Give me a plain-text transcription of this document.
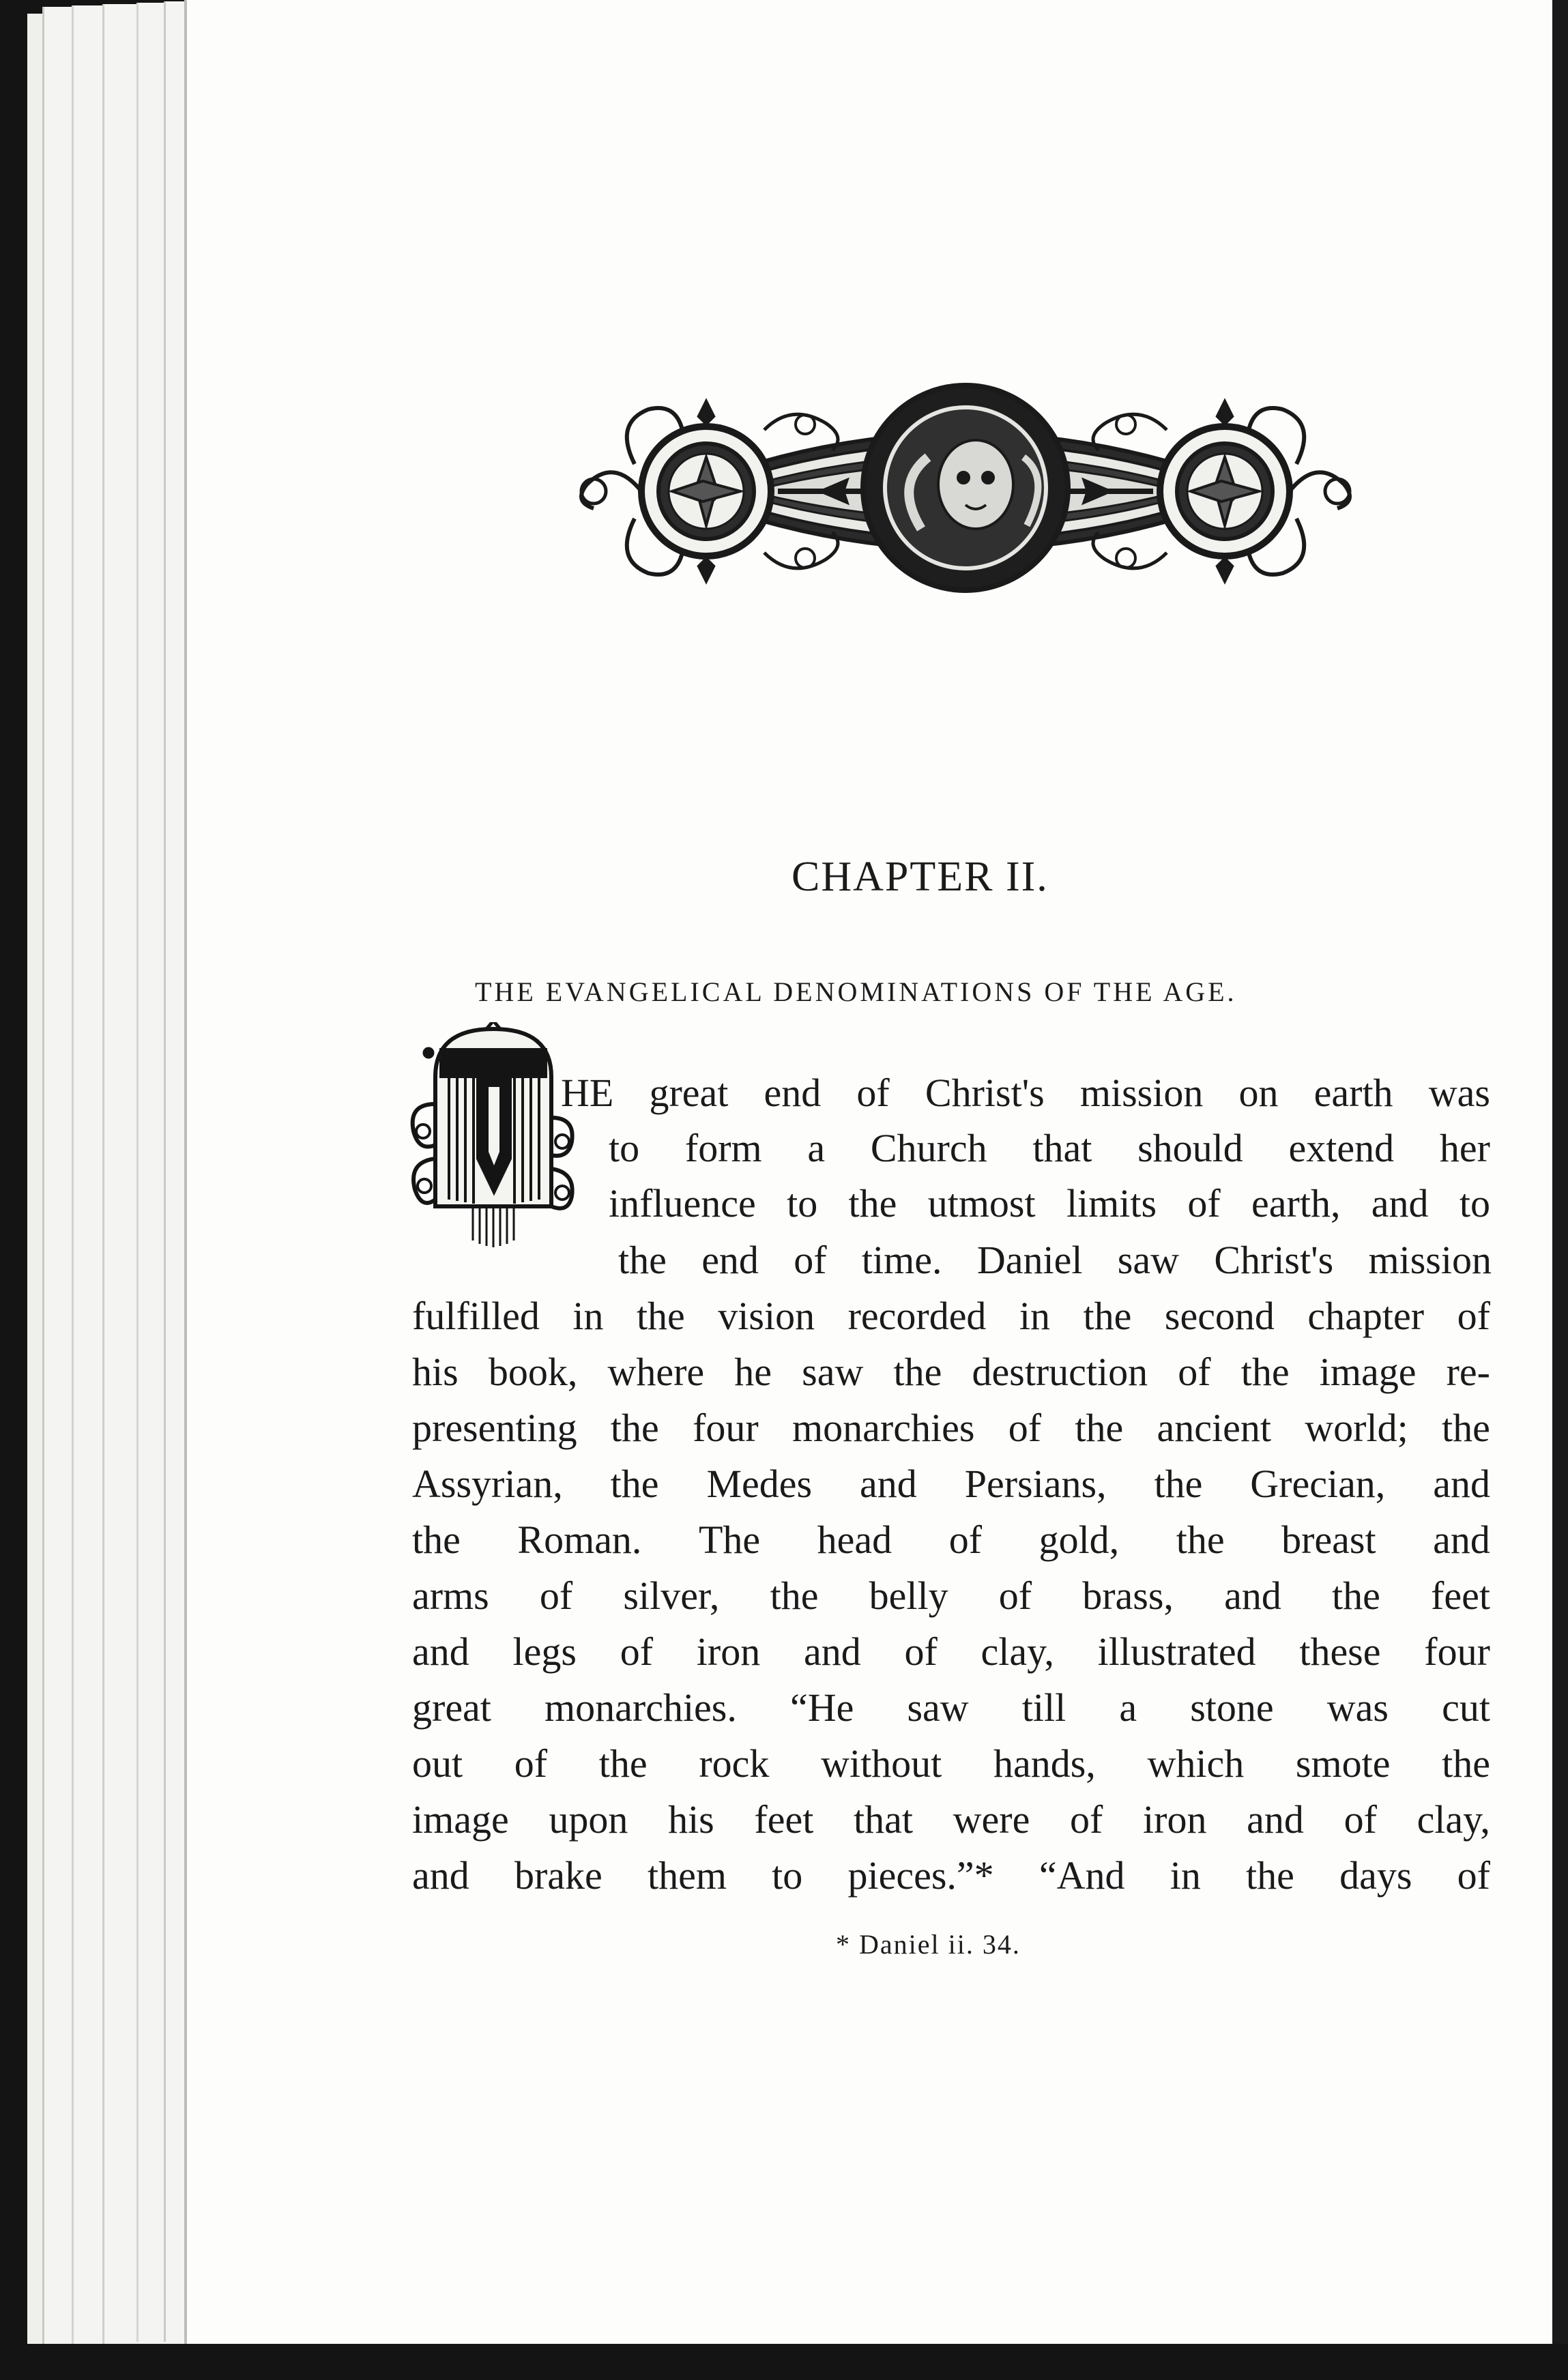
CHAPTER II.
THE EVANGELICAL DENOMINATIONS OF THE AGE.
HE great end of Christ's mission on earth was
to form a Church that should extend her
influence to the utmost limits of earth, and to
the end of time. Daniel saw Christ's mission
fulfilled in the vision recorded in the second chapter of
his book, where he saw the destruction of the image re-
presenting the four monarchies of the ancient world; the
Assyrian, the Medes and Persians, the Grecian, and
the Roman. The head of gold, the breast and
arms of silver, the belly of brass, and the feet
and legs of iron and of clay, illustrated these four
great monarchies. “He saw till a stone was cut
out of the rock without hands, which smote the
image upon his feet that were of iron and of clay,
and brake them to pieces.”* “And in the days of
* Daniel ii. 34.
